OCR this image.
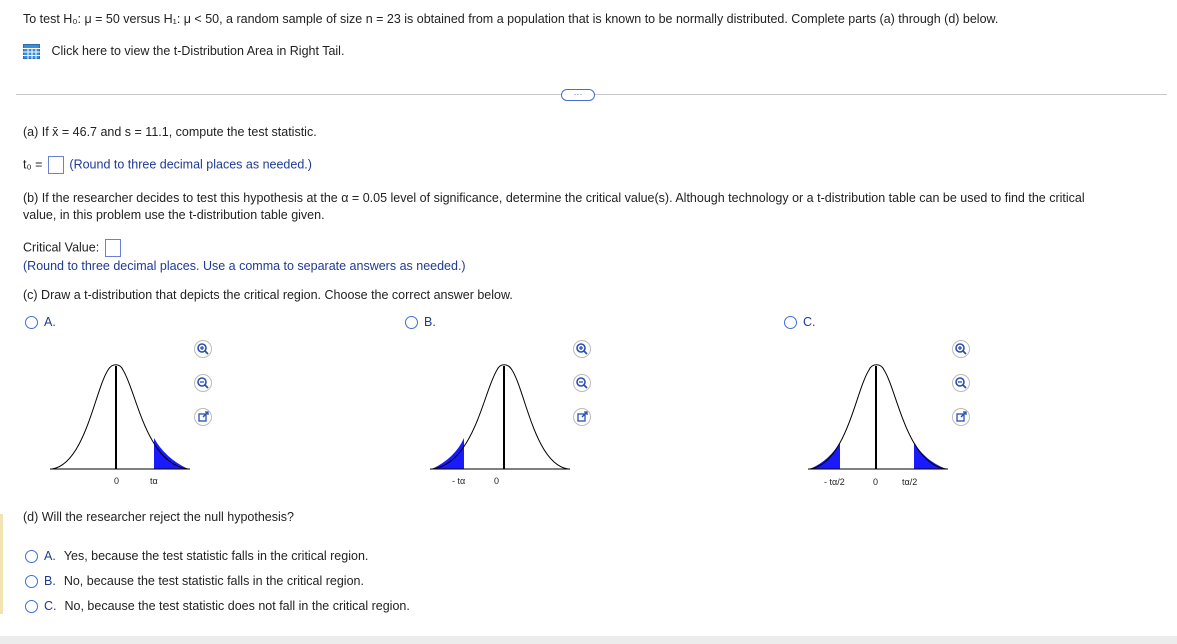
To test H₀: μ = 50 versus H₁: μ < 50, a random sample of size n = 23 is obtained from a population that is known to be normally distributed. Complete parts (a) through (d) below.
Click here to view the t-Distribution Area in Right Tail.
···
(a) If x̄ = 46.7 and s = 11.1, compute the test statistic.
t₀ = (Round to three decimal places as needed.)
(b) If the researcher decides to test this hypothesis at the α = 0.05 level of significance, determine the critical value(s). Although technology or a t-distribution table can be used to find the critical
value, in this problem use the t-distribution table given.
Critical Value:
(Round to three decimal places. Use a comma to separate answers as needed.)
(c) Draw a t-distribution that depicts the critical region. Choose the correct answer below.
A.	B.	C.
0	tα	- tα	0	- tα/2	0	tα/2
(d) Will the researcher reject the null hypothesis?
A. Yes, because the test statistic falls in the critical region.
B. No, because the test statistic falls in the critical region.
C. No, because the test statistic does not fall in the critical region.
